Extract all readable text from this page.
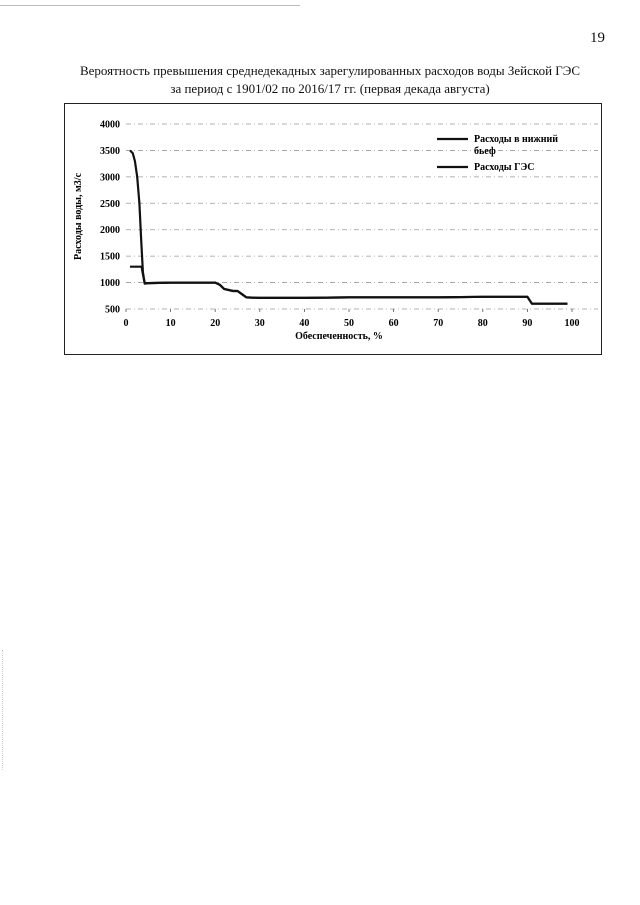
19
Вероятность превышения среднедекадных зарегулированных расходов воды Зейской ГЭС
за период с 1901/02 по 2016/17 гг. (первая декада августа)
500
1000
1500
2000
2500
3000
3500
4000
0	10	20	30	40	50	60	70	80	90	100
Обеспеченность, %
Расходы воды, м3/с
Расходы в нижний
бьеф
Расходы ГЭС
